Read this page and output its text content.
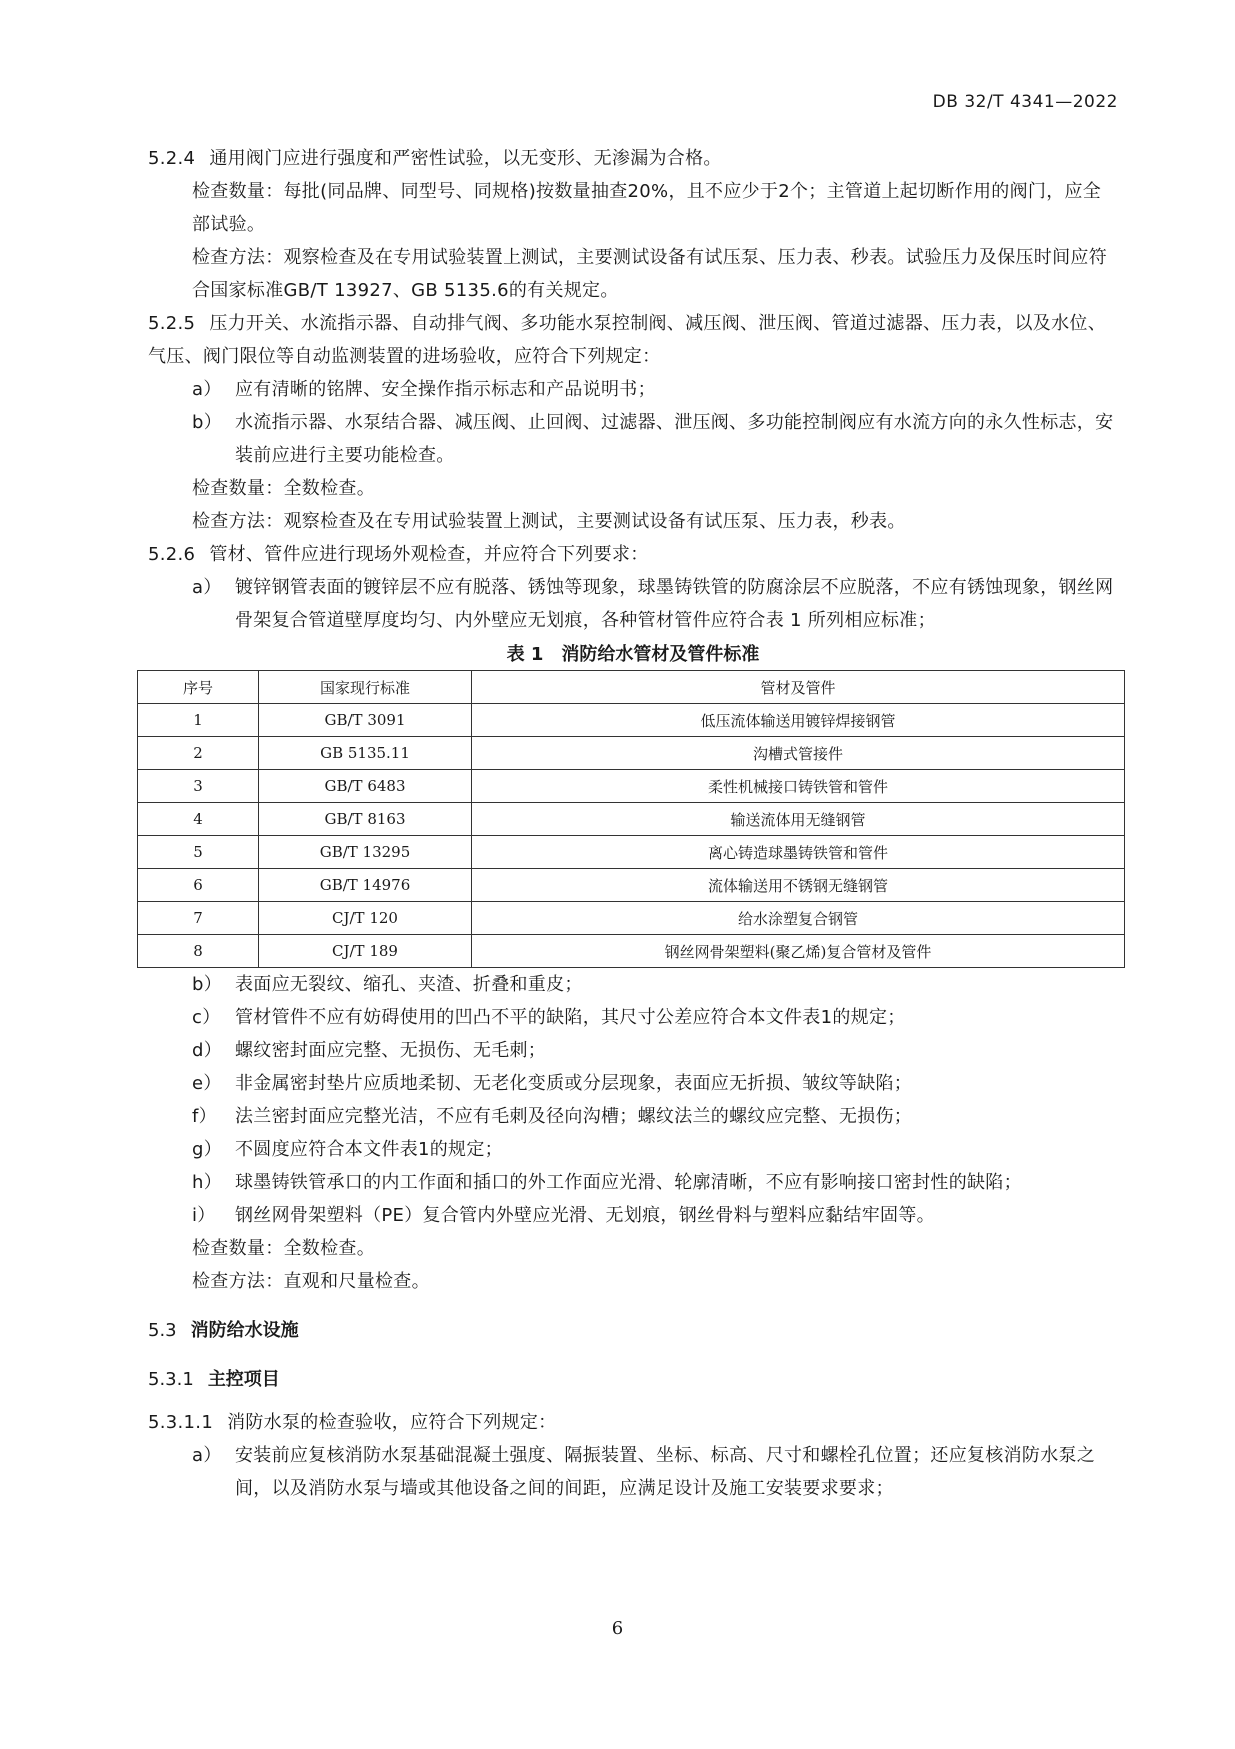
DB 32/T 4341—2022

5.2.4 通用阀门应进行强度和严密性试验，以无变形、无渗漏为合格。

检查数量：每批(同品牌、同型号、同规格)按数量抽查20%，且不应少于2个；主管道上起切断作用的阀门，应全部试验。

检查方法：观察检查及在专用试验装置上测试，主要测试设备有试压泵、压力表、秒表。试验压力及保压时间应符合国家标准GB/T 13927、GB 5135.6的有关规定。

5.2.5 压力开关、水流指示器、自动排气阀、多功能水泵控制阀、减压阀、泄压阀、管道过滤器、压力表，以及水位、气压、阀门限位等自动监测装置的进场验收，应符合下列规定：

a） 应有清晰的铭牌、安全操作指示标志和产品说明书；

b） 水流指示器、水泵结合器、减压阀、止回阀、过滤器、泄压阀、多功能控制阀应有水流方向的永久性标志，安装前应进行主要功能检查。

检查数量：全数检查。

检查方法：观察检查及在专用试验装置上测试，主要测试设备有试压泵、压力表，秒表。

5.2.6 管材、管件应进行现场外观检查，并应符合下列要求：

a） 镀锌钢管表面的镀锌层不应有脱落、锈蚀等现象，球墨铸铁管的防腐涂层不应脱落，不应有锈蚀现象，钢丝网骨架复合管道壁厚度均匀、内外壁应无划痕，各种管材管件应符合表 1 所列相应标准；

表 1　消防给水管材及管件标准
序号	国家现行标准	管材及管件
1	GB/T 3091	低压流体输送用镀锌焊接钢管
2	GB 5135.11	沟槽式管接件
3	GB/T 6483	柔性机械接口铸铁管和管件
4	GB/T 8163	输送流体用无缝钢管
5	GB/T 13295	离心铸造球墨铸铁管和管件
6	GB/T 14976	流体输送用不锈钢无缝钢管
7	CJ/T 120	给水涂塑复合钢管
8	CJ/T 189	钢丝网骨架塑料(聚乙烯)复合管材及管件

b） 表面应无裂纹、缩孔、夹渣、折叠和重皮；

c） 管材管件不应有妨碍使用的凹凸不平的缺陷，其尺寸公差应符合本文件表1的规定；

d） 螺纹密封面应完整、无损伤、无毛刺；

e） 非金属密封垫片应质地柔韧、无老化变质或分层现象，表面应无折损、皱纹等缺陷；

f）	法兰密封面应完整光洁，不应有毛刺及径向沟槽；螺纹法兰的螺纹应完整、无损伤；

g） 不圆度应符合本文件表1的规定；

h） 球墨铸铁管承口的内工作面和插口的外工作面应光滑、轮廓清晰，不应有影响接口密封性的缺陷；

i）	钢丝网骨架塑料（PE）复合管内外壁应光滑、无划痕，钢丝骨料与塑料应黏结牢固等。

检查数量：全数检查。

检查方法：直观和尺量检查。

5.3 消防给水设施
5.3.1 主控项目

5.3.1.1 消防水泵的检查验收，应符合下列规定：

a） 安装前应复核消防水泵基础混凝土强度、隔振装置、坐标、标高、尺寸和螺栓孔位置；还应复核消防水泵之间，以及消防水泵与墙或其他设备之间的间距，应满足设计及施工安装要求要求；

6
